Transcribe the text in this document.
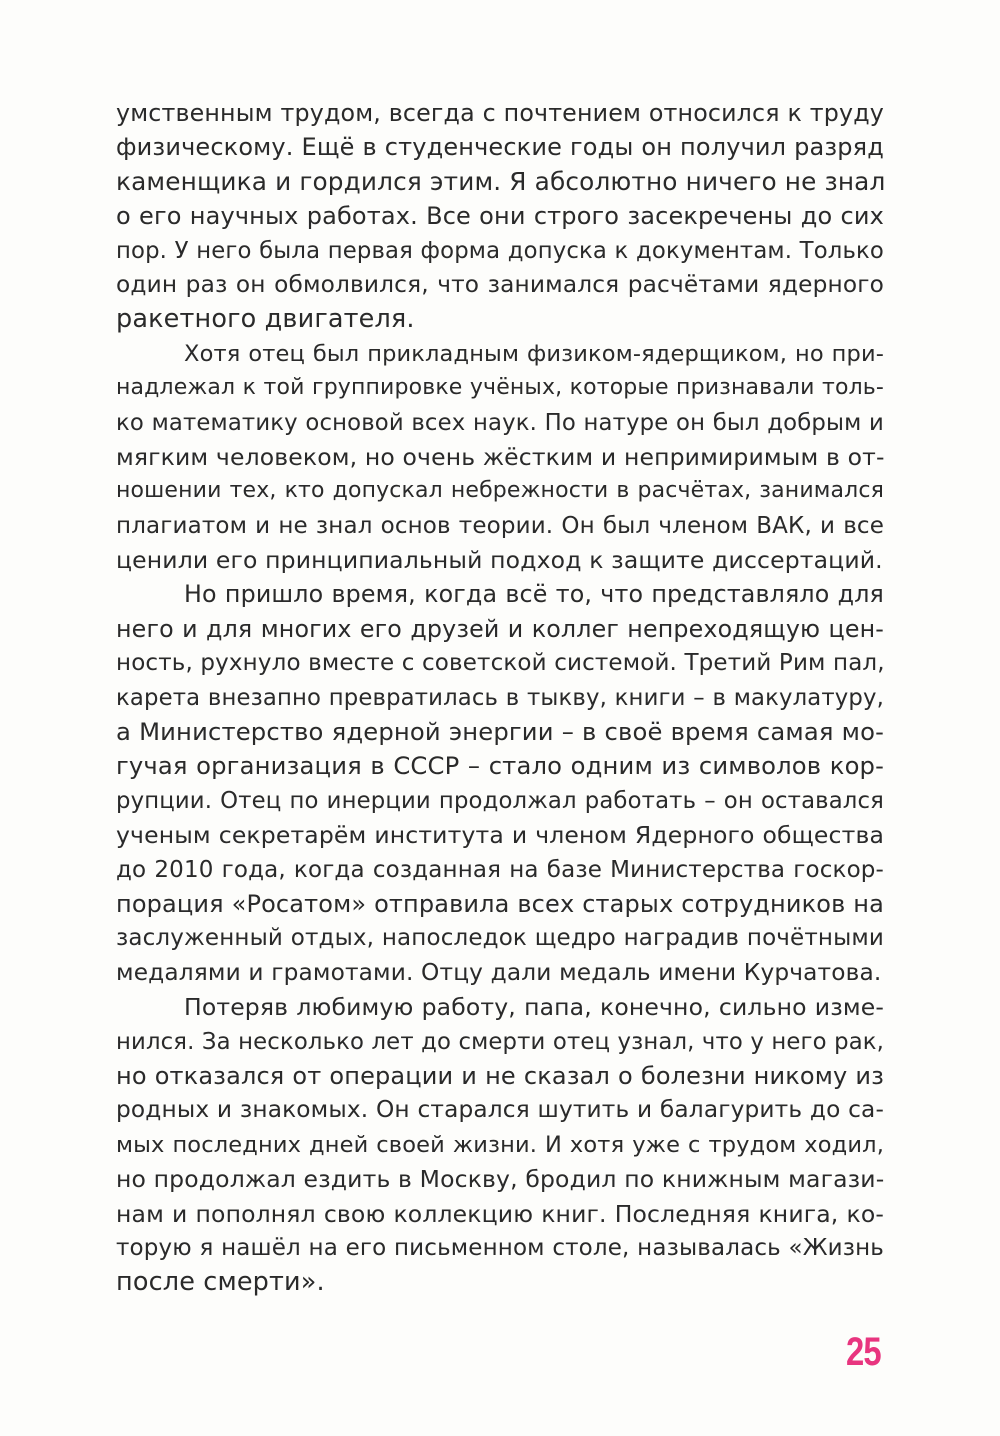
умственным трудом, всегда с почтением относился к труду
физическому. Ещё в студенческие годы он получил разряд
каменщика и гордился этим. Я абсолютно ничего не знал
о его научных работах. Все они строго засекречены до сих
пор. У него была первая форма допуска к документам. Только
один раз он обмолвился, что занимался расчётами ядерного
ракетного двигателя.
Хотя отец был прикладным физиком-ядерщиком, но при-
надлежал к той группировке учёных, которые признавали толь-
ко математику основой всех наук. По натуре он был добрым и
мягким человеком, но очень жёстким и непримиримым в от-
ношении тех, кто допускал небрежности в расчётах, занимался
плагиатом и не знал основ теории. Он был членом ВАК, и все
ценили его принципиальный подход к защите диссертаций.
Но пришло время, когда всё то, что представляло для
него и для многих его друзей и коллег непреходящую цен-
ность, рухнуло вместе с советской системой. Третий Рим пал,
карета внезапно превратилась в тыкву, книги – в макулатуру,
а Министерство ядерной энергии – в своё время самая мо-
гучая организация в СССР – стало одним из символов кор-
рупции. Отец по инерции продолжал работать – он оставался
ученым секретарём института и членом Ядерного общества
до 2010 года, когда созданная на базе Министерства госкор-
порация «Росатом» отправила всех старых сотрудников на
заслуженный отдых, напоследок щедро наградив почётными
медалями и грамотами. Отцу дали медаль имени Курчатова.
Потеряв любимую работу, папа, конечно, сильно изме-
нился. За несколько лет до смерти отец узнал, что у него рак,
но отказался от операции и не сказал о болезни никому из
родных и знакомых. Он старался шутить и балагурить до са-
мых последних дней своей жизни. И хотя уже с трудом ходил,
но продолжал ездить в Москву, бродил по книжным магази-
нам и пополнял свою коллекцию книг. Последняя книга, ко-
торую я нашёл на его письменном столе, называлась «Жизнь
после смерти».
25
